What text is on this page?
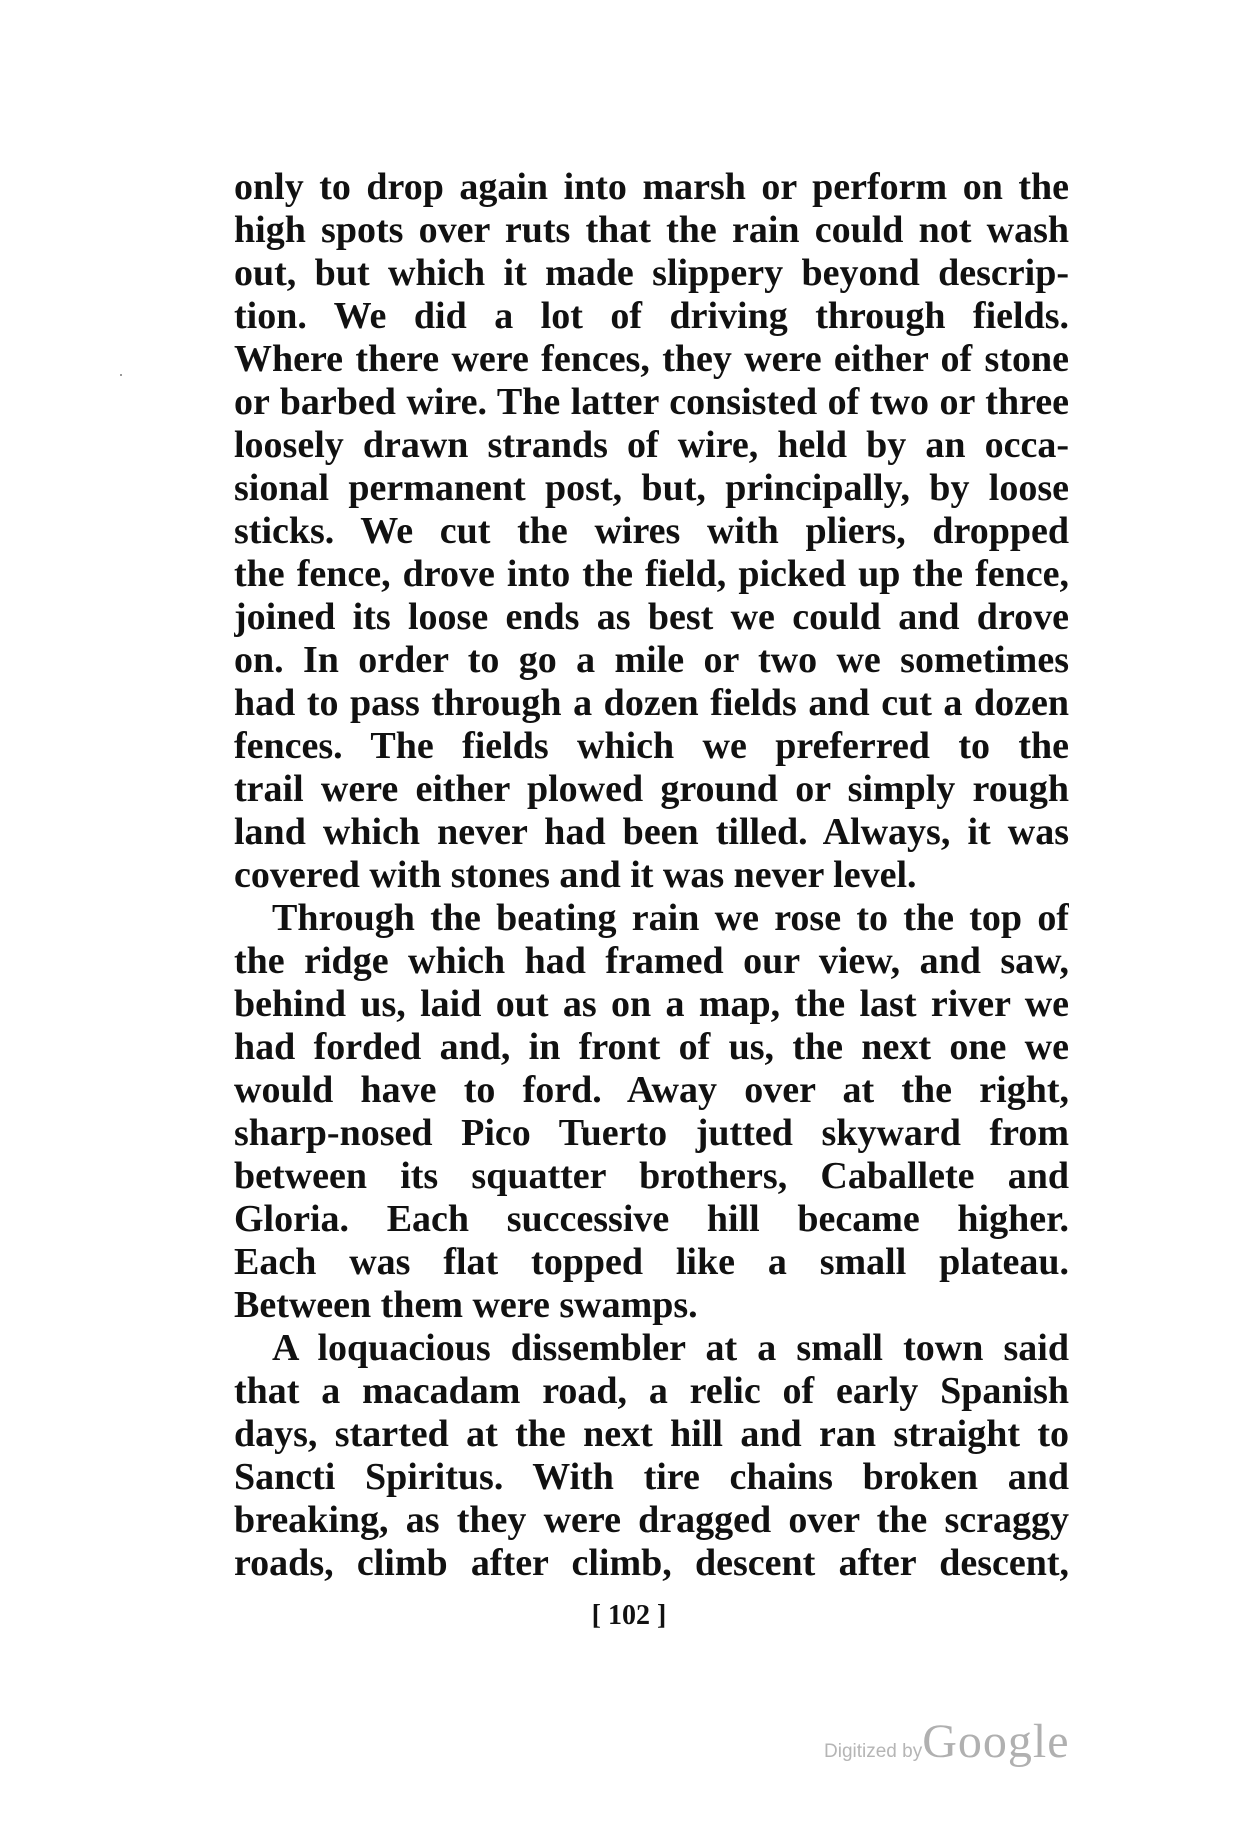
only to drop again into marsh or perform on the
high spots over ruts that the rain could not wash
out, but which it made slippery beyond descrip-
tion. We did a lot of driving through fields.
Where there were fences, they were either of stone
or barbed wire. The latter consisted of two or three
loosely drawn strands of wire, held by an occa-
sional permanent post, but, principally, by loose
sticks. We cut the wires with pliers, dropped
the fence, drove into the field, picked up the fence,
joined its loose ends as best we could and drove
on. In order to go a mile or two we sometimes
had to pass through a dozen fields and cut a dozen
fences. The fields which we preferred to the
trail were either plowed ground or simply rough
land which never had been tilled. Always, it was
covered with stones and it was never level.
Through the beating rain we rose to the top of
the ridge which had framed our view, and saw,
behind us, laid out as on a map, the last river we
had forded and, in front of us, the next one we
would have to ford. Away over at the right,
sharp-nosed Pico Tuerto jutted skyward from
between its squatter brothers, Caballete and
Gloria. Each successive hill became higher.
Each was flat topped like a small plateau.
Between them were swamps.
A loquacious dissembler at a small town said
that a macadam road, a relic of early Spanish
days, started at the next hill and ran straight to
Sancti Spiritus. With tire chains broken and
breaking, as they were dragged over the scraggy
roads, climb after climb, descent after descent,
[ 102 ]
Digitized byGoogle
